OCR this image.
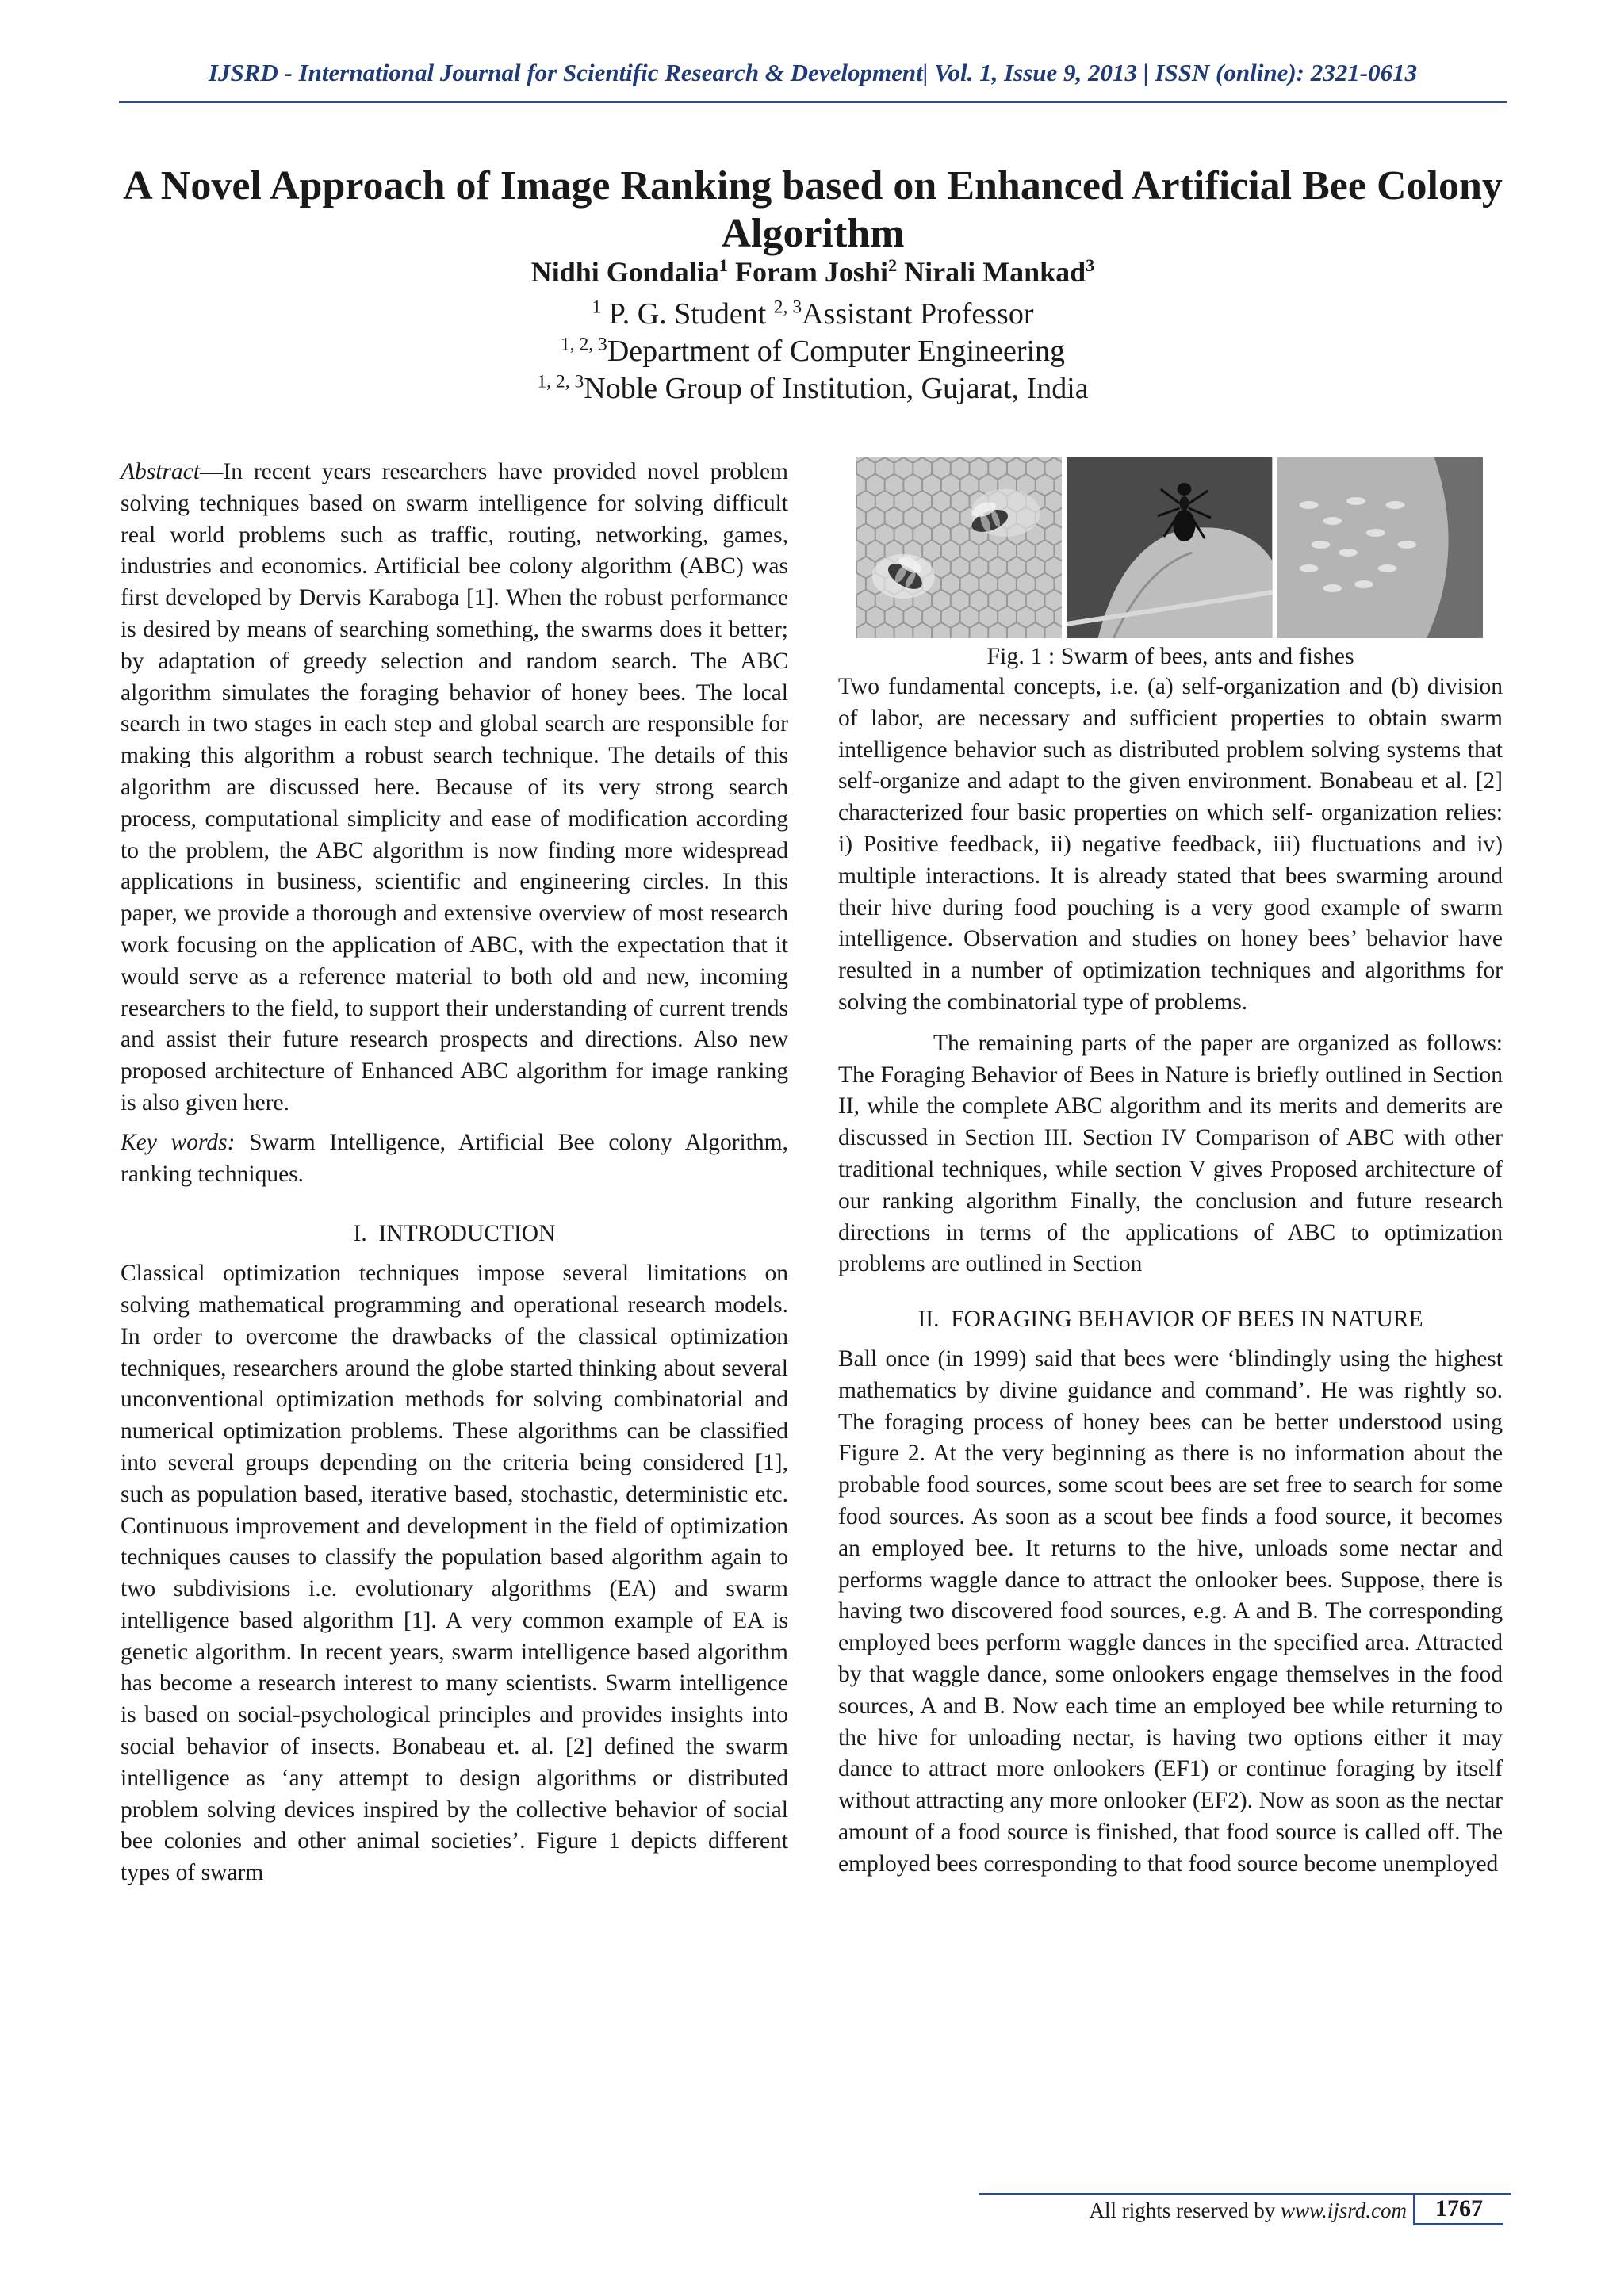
IJSRD - International Journal for Scientific Research & Development| Vol. 1, Issue 9, 2013 | ISSN (online): 2321-0613
A Novel Approach of Image Ranking based on Enhanced Artificial Bee Colony Algorithm
Nidhi Gondalia$^1$ Foram Joshi$^2$ Nirali Mankad$^3$
$^1$ P. G. Student $^{2, 3}$Assistant Professor
$^{1, 2, 3}$Department of Computer Engineering
$^{1, 2, 3}$Noble Group of Institution, Gujarat, India

Abstract—In recent years researchers have provided novel problem solving techniques based on swarm intelligence for solving difficult real world problems such as traffic, routing, networking, games, industries and economics. Artificial bee colony algorithm (ABC) was first developed by Dervis Karaboga [1]. When the robust performance is desired by means of searching something, the swarms does it better; by adaptation of greedy selection and random search. The ABC algorithm simulates the foraging behavior of honey bees. The local search in two stages in each step and global search are responsible for making this algorithm a robust search technique. The details of this algorithm are discussed here. Because of its very strong search process, computational simplicity and ease of modification according to the problem, the ABC algorithm is now finding more widespread applications in business, scientific and engineering circles. In this paper, we provide a thorough and extensive overview of most research work focusing on the application of ABC, with the expectation that it would serve as a reference material to both old and new, incoming researchers to the field, to support their understanding of current trends and assist their future research prospects and directions. Also new proposed architecture of Enhanced ABC algorithm for image ranking is also given here.

Key words: Swarm Intelligence, Artificial Bee colony Algorithm, ranking techniques.

I.  INTRODUCTION

Classical optimization techniques impose several limitations on solving mathematical programming and operational research models. In order to overcome the drawbacks of the classical optimization techniques, researchers around the globe started thinking about several unconventional optimization methods for solving combinatorial and numerical optimization problems. These algorithms can be classified into several groups depending on the criteria being considered [1], such as population based, iterative based, stochastic, deterministic etc. Continuous improvement and development in the field of optimization techniques causes to classify the population based algorithm again to two subdivisions i.e. evolutionary algorithms (EA) and swarm intelligence based algorithm [1]. A very common example of EA is genetic algorithm. In recent years, swarm intelligence based algorithm has become a research interest to many scientists. Swarm intelligence is based on social-psychological principles and provides insights into social behavior of insects. Bonabeau et. al. [2] defined the swarm intelligence as ‘any attempt to design algorithms or distributed problem solving devices inspired by the collective behavior of social bee colonies and other animal societies’. Figure 1 depicts different types of swarm

Fig. 1 : Swarm of bees, ants and fishes

Two fundamental concepts, i.e. (a) self-organization and (b) division of labor, are necessary and sufficient properties to obtain swarm intelligence behavior such as distributed problem solving systems that self-organize and adapt to the given environment. Bonabeau et al. [2] characterized four basic properties on which self- organization relies: i) Positive feedback, ii) negative feedback, iii) fluctuations and iv) multiple interactions. It is already stated that bees swarming around their hive during food pouching is a very good example of swarm intelligence. Observation and studies on honey bees’ behavior have resulted in a number of optimization techniques and algorithms for solving the combinatorial type of problems.

The remaining parts of the paper are organized as follows: The Foraging Behavior of Bees in Nature is briefly outlined in Section II, while the complete ABC algorithm and its merits and demerits are discussed in Section III. Section IV Comparison of ABC with other traditional techniques, while section V gives Proposed architecture of our ranking algorithm Finally, the conclusion and future research directions in terms of the applications of ABC to optimization problems are outlined in Section

II.  FORAGING BEHAVIOR OF BEES IN NATURE

Ball once (in 1999) said that bees were ‘blindingly using the highest mathematics by divine guidance and command’. He was rightly so. The foraging process of honey bees can be better understood using Figure 2. At the very beginning as there is no information about the probable food sources, some scout bees are set free to search for some food sources. As soon as a scout bee finds a food source, it becomes an employed bee. It returns to the hive, unloads some nectar and performs waggle dance to attract the onlooker bees. Suppose, there is having two discovered food sources, e.g. A and B. The corresponding employed bees perform waggle dances in the specified area. Attracted by that waggle dance, some onlookers engage themselves in the food sources, A and B. Now each time an employed bee while returning to the hive for unloading nectar, is having two options either it may dance to attract more onlookers (EF1) or continue foraging by itself without attracting any more onlooker (EF2). Now as soon as the nectar amount of a food source is finished, that food source is called off. The employed bees corresponding to that food source become unemployed

All rights reserved by www.ijsrd.com	1767
